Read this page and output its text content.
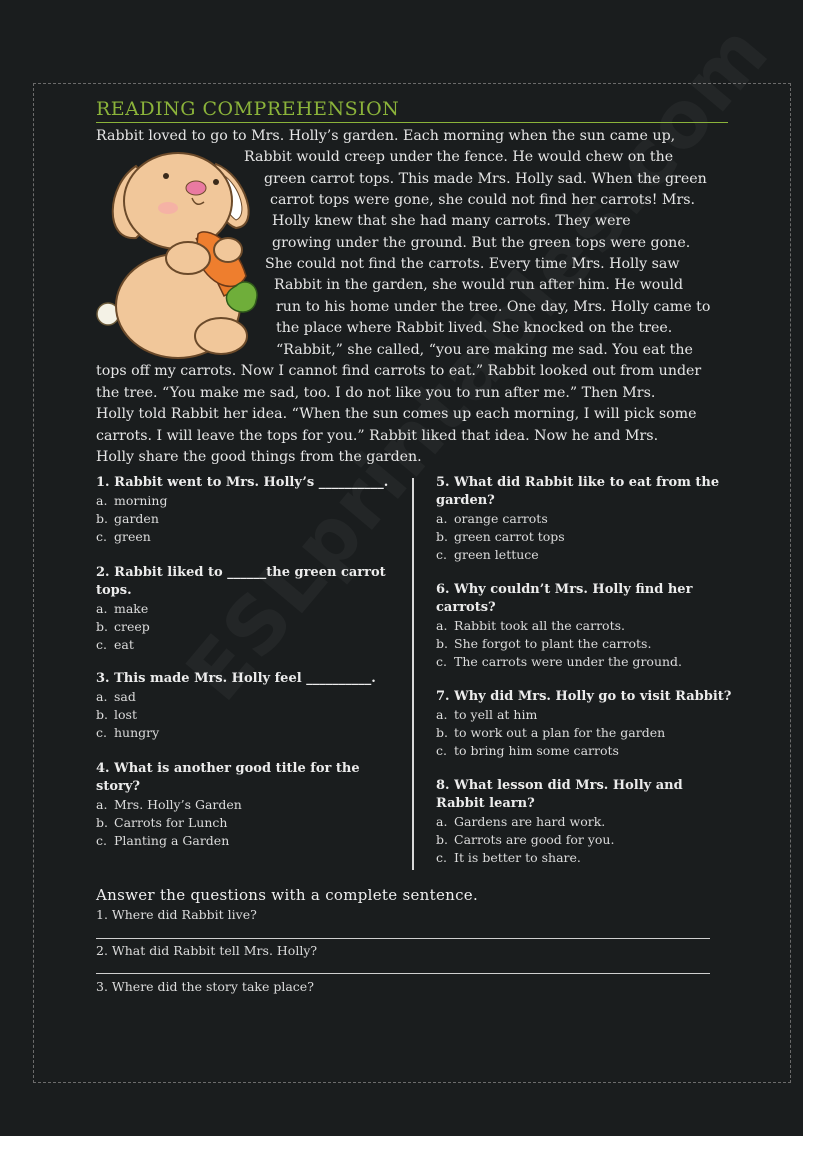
READING COMPREHENSION
Rabbit loved to go to Mrs. Holly’s garden. Each morning when the sun came up,
Rabbit would creep under the fence. He would chew on the
green carrot tops. This made Mrs. Holly sad. When the green
carrot tops were gone, she could not find her carrots! Mrs.
Holly knew that she had many carrots. They were
growing under the ground. But the green tops were gone.
She could not find the carrots. Every time Mrs. Holly saw
Rabbit in the garden, she would run after him. He would
run to his home under the tree. One day, Mrs. Holly came to
the place where Rabbit lived. She knocked on the tree.
“Rabbit,” she called, “you are making me sad. You eat the
tops off my carrots. Now I cannot find carrots to eat.” Rabbit looked out from under
the tree. “You make me sad, too. I do not like you to run after me.” Then Mrs.
Holly told Rabbit her idea. “When the sun comes up each morning, I will pick some
carrots. I will leave the tops for you.” Rabbit liked that idea. Now he and Mrs.
Holly share the good things from the garden.
1. Rabbit went to Mrs. Holly’s __________.
a. morning
b. garden
c. green
2. Rabbit liked to ______the green carrot tops.
a. make
b. creep
c. eat
3. This made Mrs. Holly feel __________.
a. sad
b. lost
c. hungry
4. What is another good title for the story?
a. Mrs. Holly’s Garden
b. Carrots for Lunch
c. Planting a Garden
5. What did Rabbit like to eat from the garden?
a. orange carrots
b. green carrot tops
c. green lettuce
6. Why couldn’t Mrs. Holly find her carrots?
a. Rabbit took all the carrots.
b. She forgot to plant the carrots.
c. The carrots were under the ground.
7. Why did Mrs. Holly go to visit Rabbit?
a. to yell at him
b. to work out a plan for the garden
c. to bring him some carrots
8. What lesson did Mrs. Holly and Rabbit learn?
a. Gardens are hard work.
b. Carrots are good for you.
c. It is better to share.
Answer the questions with a complete sentence.
1. Where did Rabbit live?
2. What did Rabbit tell Mrs. Holly?
3. Where did the story take place?
